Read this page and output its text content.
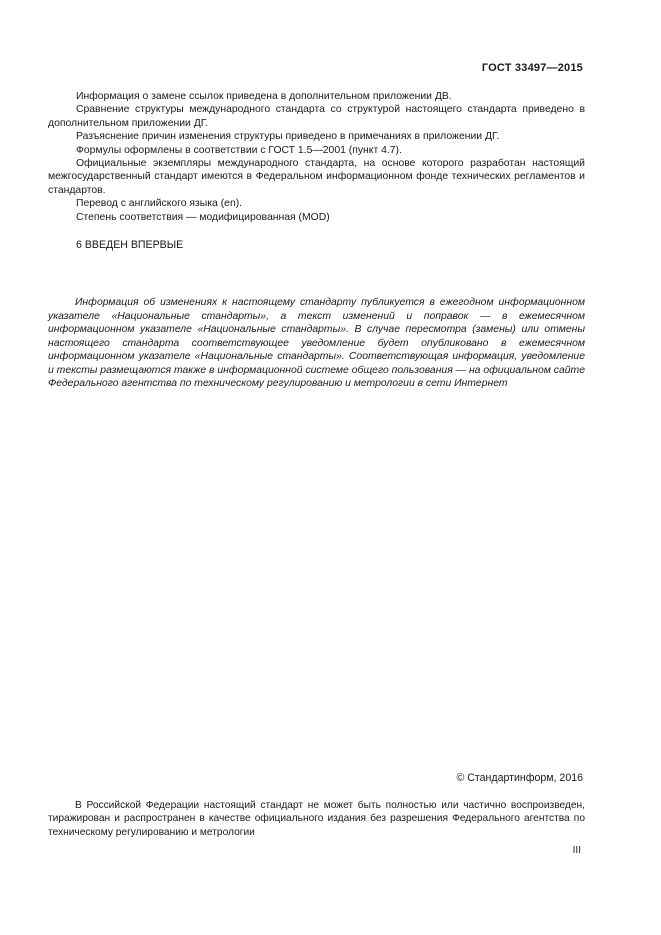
ГОСТ 33497—2015

Информация о замене ссылок приведена в дополнительном приложении ДВ.

Сравнение структуры международного стандарта со структурой настоящего стандарта приведено в дополнительном приложении ДГ.

Разъяснение причин изменения структуры приведено в примечаниях в приложении ДГ.

Формулы оформлены в соответствии с ГОСТ 1.5—2001 (пункт 4.7).

Официальные экземпляры международного стандарта, на основе которого разработан настоящий межгосударственный стандарт имеются в Федеральном информационном фонде технических регламентов и стандартов.

Перевод с английского языка (en).

Степень соответствия — модифицированная (MOD)

6 ВВЕДЕН ВПЕРВЫЕ
Информация об изменениях к настоящему стандарту публикуется в ежегодном информационном указателе «Национальные стандарты», а текст изменений и поправок — в ежемесячном информационном указателе «Национальные стандарты». В случае пересмотра (замены) или отмены настоящего стандарта соответствующее уведомление будет опубликовано в ежемесячном информационном указателе «Национальные стандарты». Соответствующая информация, уведомление и тексты размещаются также в информационной системе общего пользования — на официальном сайте Федерального агентства по техническому регулированию и метрологии в сети Интернет
© Стандартинформ, 2016
В Российской Федерации настоящий стандарт не может быть полностью или частично воспроизведен, тиражирован и распространен в качестве официального издания без разрешения Федерального агентства по техническому регулированию и метрологии
III
